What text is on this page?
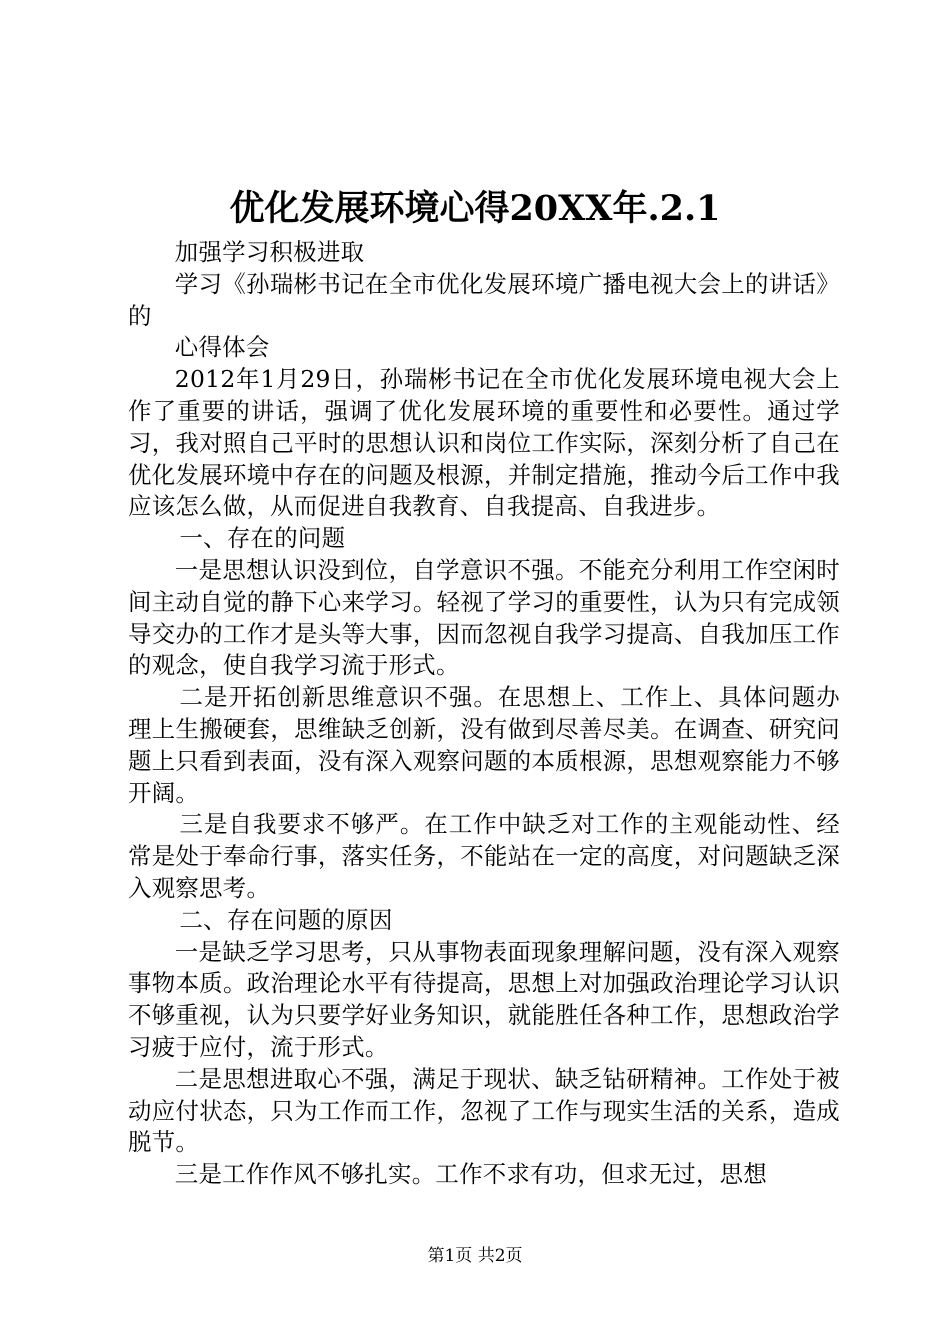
优化发展环境心得20XX年.2.1

加强学习积极进取

学习《孙瑞彬书记在全市优化发展环境广播电视大会上的讲话》的

心得体会

2012年1月29日，孙瑞彬书记在全市优化发展环境电视大会上作了重要的讲话，强调了优化发展环境的重要性和必要性。通过学习，我对照自己平时的思想认识和岗位工作实际，深刻分析了自己在优化发展环境中存在的问题及根源，并制定措施，推动今后工作中我应该怎么做，从而促进自我教育、自我提高、自我进步。

一、存在的问题

一是思想认识没到位，自学意识不强。不能充分利用工作空闲时间主动自觉的静下心来学习。轻视了学习的重要性，认为只有完成领导交办的工作才是头等大事，因而忽视自我学习提高、自我加压工作的观念，使自我学习流于形式。

二是开拓创新思维意识不强。在思想上、工作上、具体问题办理上生搬硬套，思维缺乏创新，没有做到尽善尽美。在调查、研究问题上只看到表面，没有深入观察问题的本质根源，思想观察能力不够开阔。

三是自我要求不够严。在工作中缺乏对工作的主观能动性、经常是处于奉命行事，落实任务，不能站在一定的高度，对问题缺乏深入观察思考。

二、存在问题的原因

一是缺乏学习思考，只从事物表面现象理解问题，没有深入观察事物本质。政治理论水平有待提高，思想上对加强政治理论学习认识不够重视，认为只要学好业务知识，就能胜任各种工作，思想政治学习疲于应付，流于形式。

二是思想进取心不强，满足于现状、缺乏钻研精神。工作处于被动应付状态，只为工作而工作，忽视了工作与现实生活的关系，造成脱节。

三是工作作风不够扎实。工作不求有功，但求无过，思想

第1页 共2页
